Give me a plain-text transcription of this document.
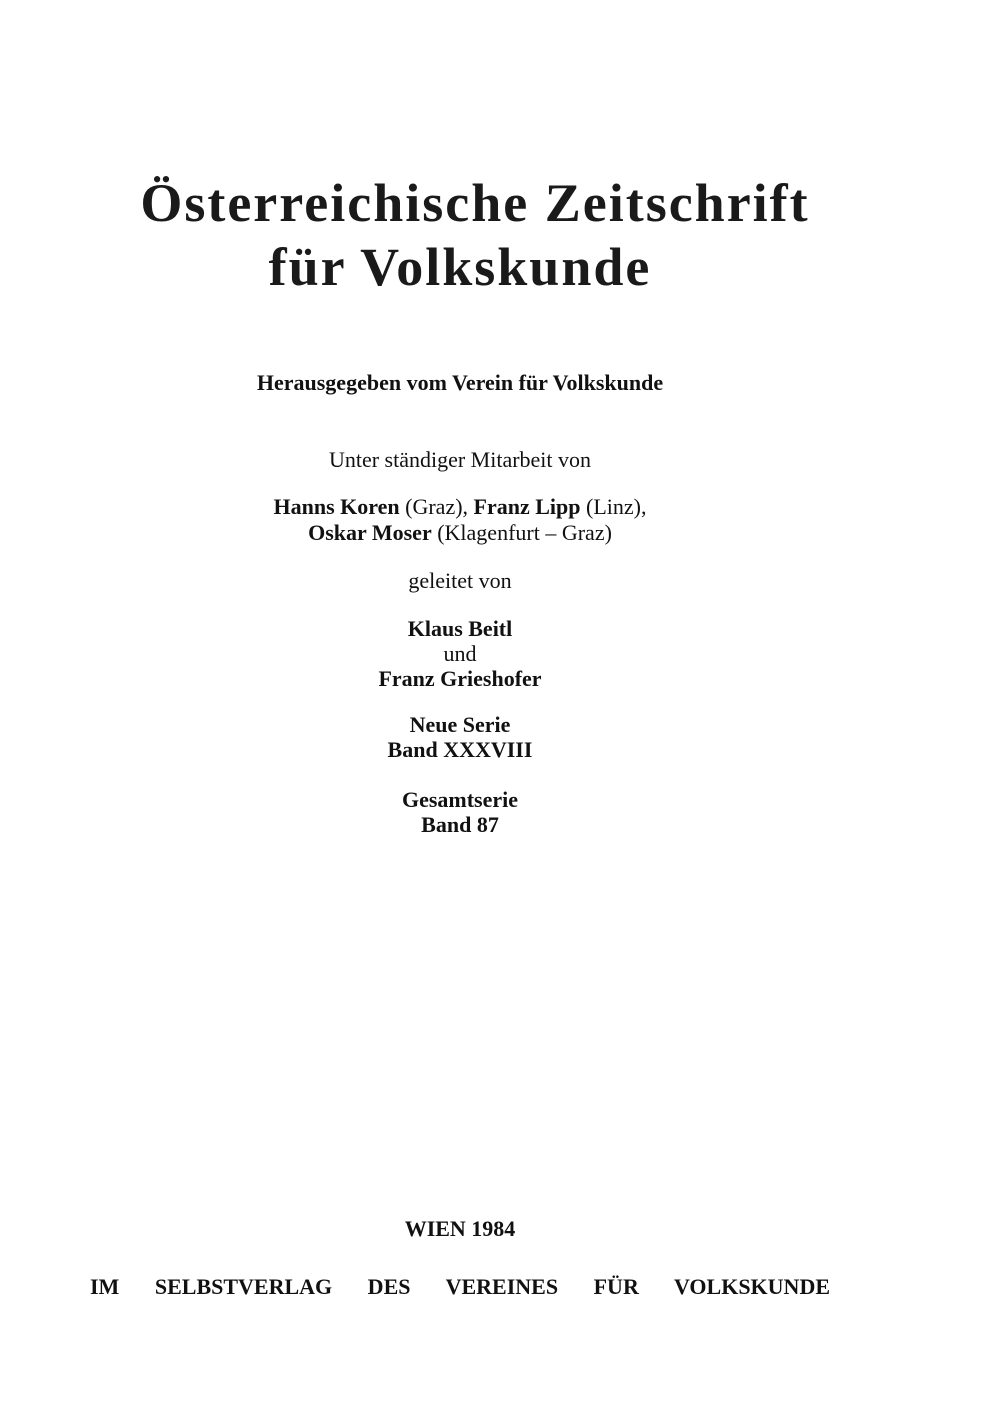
Österreichische Zeitschrift
für Volkskunde
Herausgegeben vom Verein für Volkskunde
Unter ständiger Mitarbeit von
Hanns Koren (Graz), Franz Lipp (Linz),
Oskar Moser (Klagenfurt – Graz)
geleitet von
Klaus Beitl
und
Franz Grieshofer
Neue Serie
Band XXXVIII
Gesamtserie
Band 87
WIEN 1984
IM SELBSTVERLAG DES VEREINES FÜR VOLKSKUNDE
